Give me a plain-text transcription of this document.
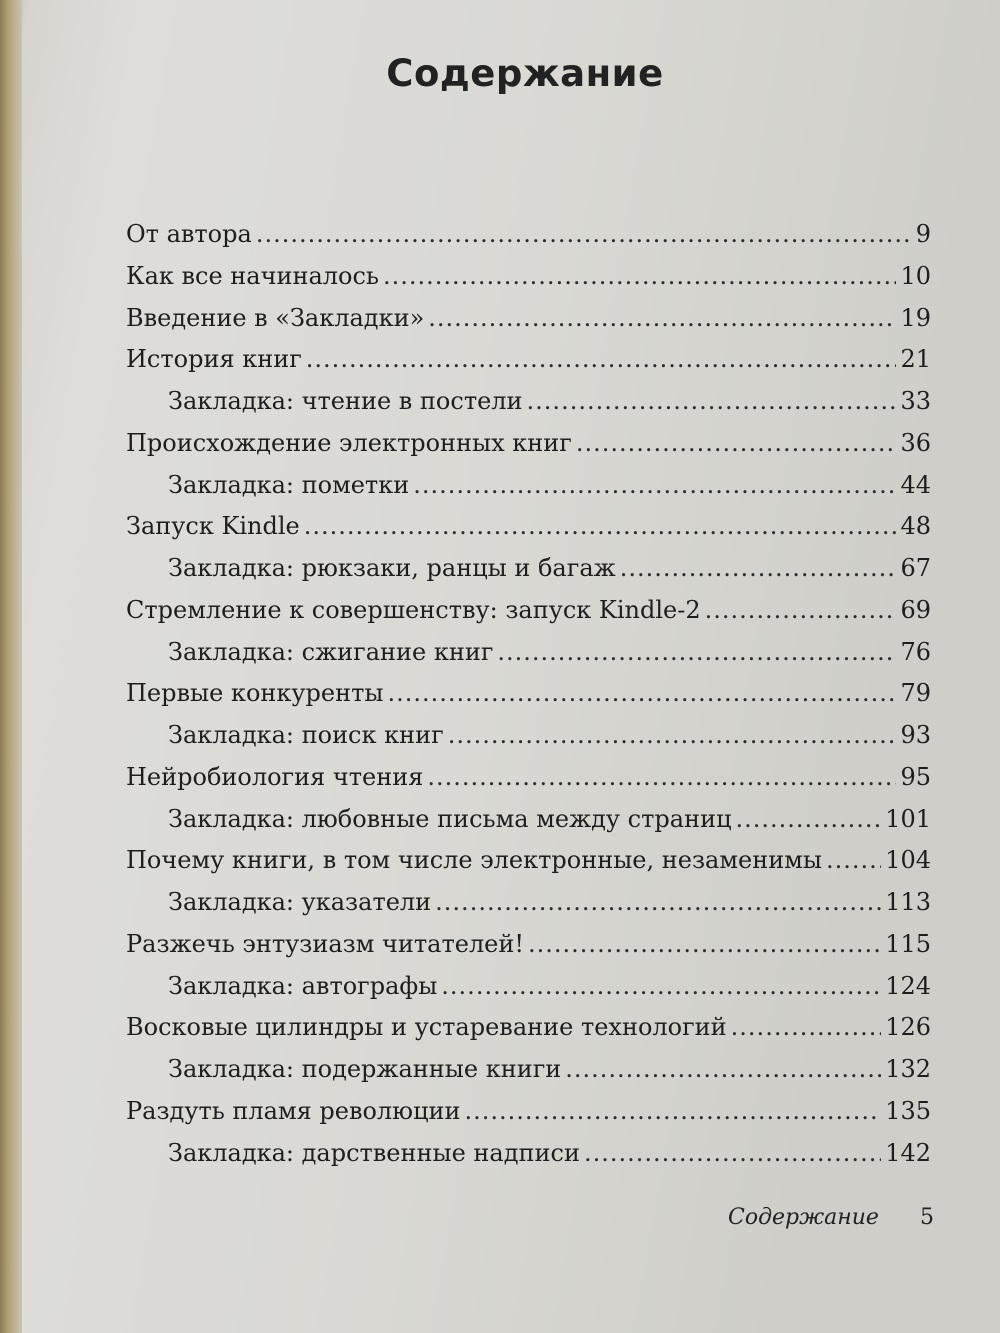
Содержание
От автора .....	9
Как все начиналось .....	10
Введение в «Закладки» .....	19
История книг .....	21
Закладка: чтение в постели .....	33
Происхождение электронных книг .....	36
Закладка: пометки .....	44
Запуск Kindle .....	48
Закладка: рюкзаки, ранцы и багаж .....	67
Стремление к совершенству: запуск Kindle-2 .....	69
Закладка: сжигание книг .....	76
Первые конкуренты .....	79
Закладка: поиск книг .....	93
Нейробиология чтения .....	95
Закладка: любовные письма между страниц .....	101
Почему книги, в том числе электронные, незаменимы .....	104
Закладка: указатели .....	113
Разжечь энтузиазм читателей! .....	115
Закладка: автографы .....	124
Восковые цилиндры и устаревание технологий .....	126
Закладка: подержанные книги .....	132
Раздуть пламя революции .....	135
Закладка: дарственные надписи .....	142
Содержание 5
